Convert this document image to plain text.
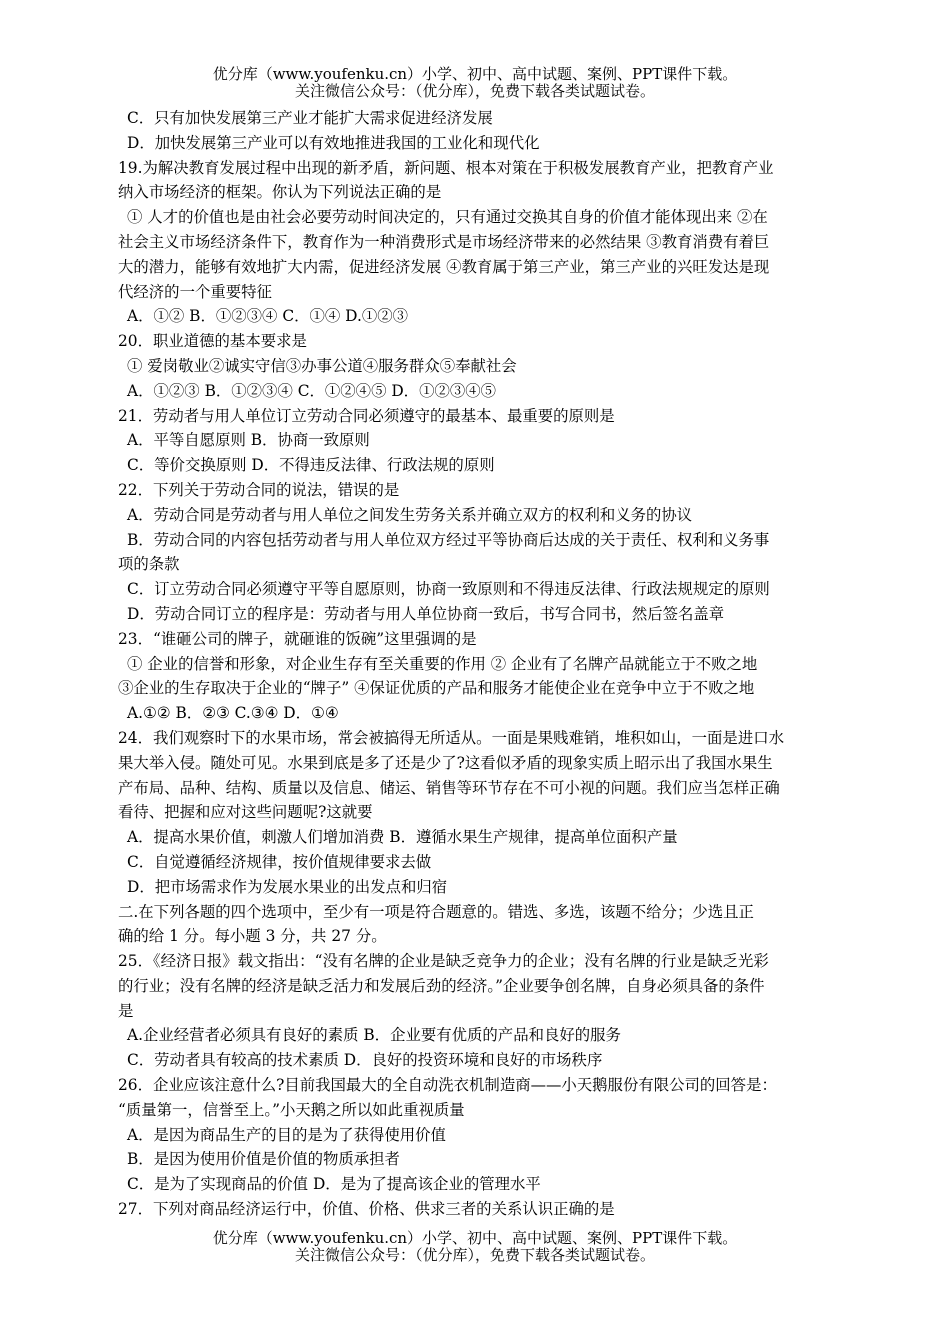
优分库（www.youfenku.cn）小学、初中、高中试题、案例、PPT课件下载。
关注微信公众号：（优分库），免费下载各类试题试卷。
C．只有加快发展第三产业才能扩大需求促进经济发展
D．加快发展第三产业可以有效地推进我国的工业化和现代化
19.为解决教育发展过程中出现的新矛盾，新问题、根本对策在于积极发展教育产业，把教育产业
纳入市场经济的框架。你认为下列说法正确的是
① 人才的价值也是由社会必要劳动时间决定的，只有通过交换其自身的价值才能体现出来 ②在
社会主义市场经济条件下，教育作为一种消费形式是市场经济带来的必然结果 ③教育消费有着巨
大的潜力，能够有效地扩大内需，促进经济发展 ④教育属于第三产业，第三产业的兴旺发达是现
代经济的一个重要特征
A．①② B．①②③④ C．①④ D.①②③
20．职业道德的基本要求是
① 爱岗敬业②诚实守信③办事公道④服务群众⑤奉献社会
A．①②③ B．①②③④ C．①②④⑤ D．①②③④⑤
21．劳动者与用人单位订立劳动合同必须遵守的最基本、最重要的原则是
A．平等自愿原则 B．协商一致原则
C．等价交换原则 D．不得违反法律、行政法规的原则
22．下列关于劳动合同的说法，错误的是
A．劳动合同是劳动者与用人单位之间发生劳务关系并确立双方的权利和义务的协议
B．劳动合同的内容包括劳动者与用人单位双方经过平等协商后达成的关于责任、权利和义务事
项的条款
C．订立劳动合同必须遵守平等自愿原则，协商一致原则和不得违反法律、行政法规规定的原则
D．劳动合同订立的程序是：劳动者与用人单位协商一致后，书写合同书，然后签名盖章
23．“谁砸公司的牌子，就砸谁的饭碗”这里强调的是
① 企业的信誉和形象，对企业生存有至关重要的作用 ② 企业有了名牌产品就能立于不败之地
③企业的生存取决于企业的“牌子” ④保证优质的产品和服务才能使企业在竞争中立于不败之地
A.①② B．②③ C.③④ D．①④
24．我们观察时下的水果市场，常会被搞得无所适从。一面是果贱难销，堆积如山，一面是进口水
果大举入侵。随处可见。水果到底是多了还是少了?这看似矛盾的现象实质上昭示出了我国水果生
产布局、品种、结构、质量以及信息、储运、销售等环节存在不可小视的问题。我们应当怎样正确
看待、把握和应对这些问题呢?这就要
A．提高水果价值，刺激人们增加消费 B．遵循水果生产规律，提高单位面积产量
C．自觉遵循经济规律，按价值规律要求去做
D．把市场需求作为发展水果业的出发点和归宿
二.在下列各题的四个选项中，至少有一项是符合题意的。错选、多选，该题不给分；少选且正
确的给 1 分。每小题 3 分，共 27 分。
25．《经济日报》载文指出：“没有名牌的企业是缺乏竞争力的企业；没有名牌的行业是缺乏光彩
的行业；没有名牌的经济是缺乏活力和发展后劲的经济。”企业要争创名牌，自身必须具备的条件
是
A.企业经营者必须具有良好的素质 B．企业要有优质的产品和良好的服务
C．劳动者具有较高的技术素质 D．良好的投资环境和良好的市场秩序
26．企业应该注意什么?目前我国最大的全自动洗衣机制造商——小天鹅服份有限公司的回答是：
“质量第一，信誉至上。”小天鹅之所以如此重视质量
A．是因为商品生产的目的是为了获得使用价值
B．是因为使用价值是价值的物质承担者
C．是为了实现商品的价值 D．是为了提高该企业的管理水平
27．下列对商品经济运行中，价值、价格、供求三者的关系认识正确的是
优分库（www.youfenku.cn）小学、初中、高中试题、案例、PPT课件下载。
关注微信公众号：（优分库），免费下载各类试题试卷。
